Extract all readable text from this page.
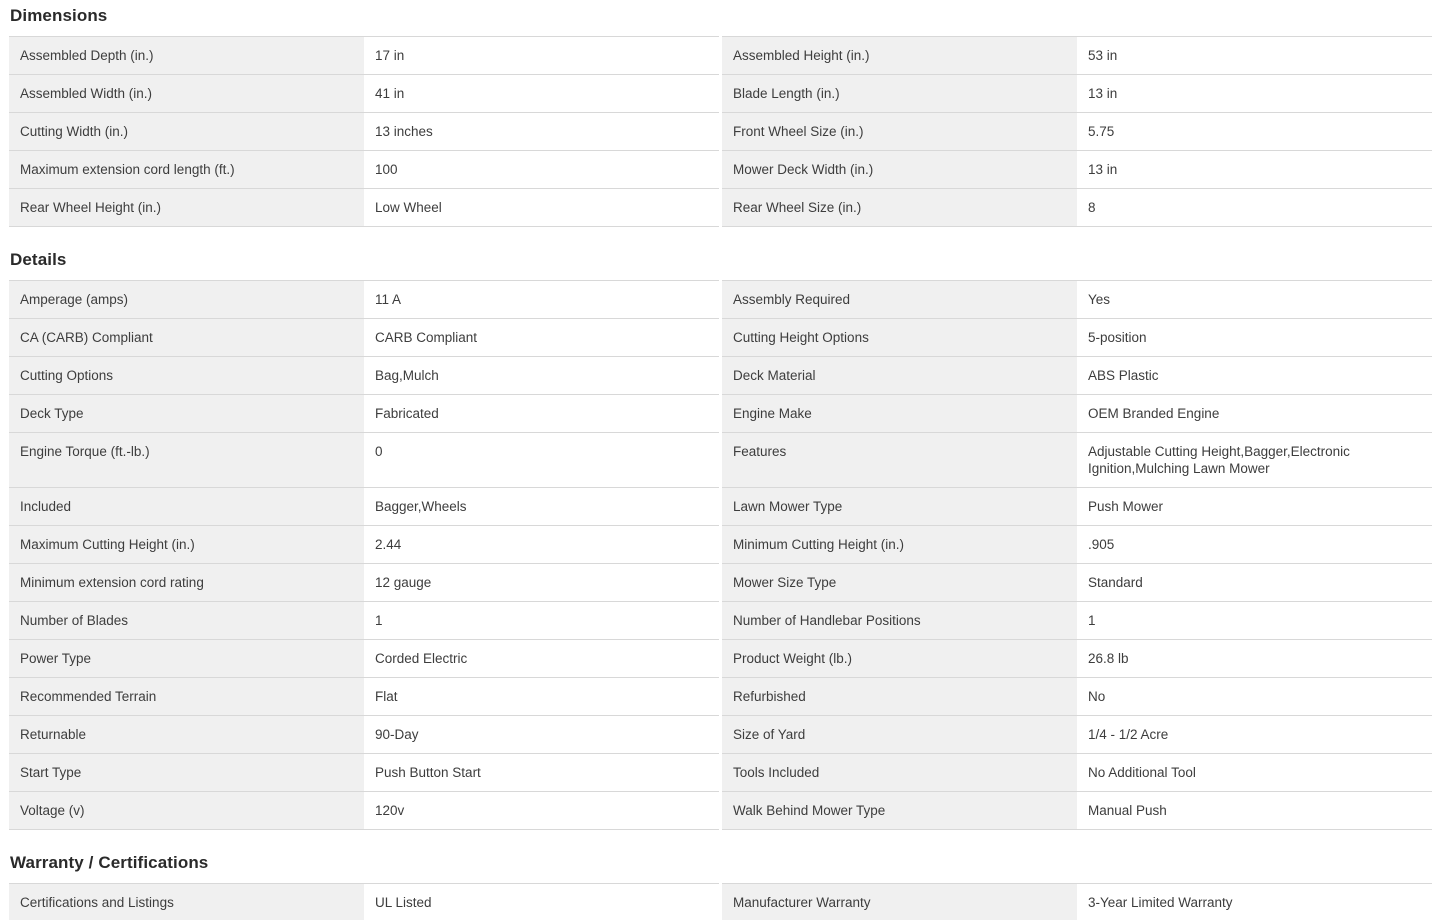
Dimensions
Assembled Depth (in.)	17 in	Assembled Height (in.)	53 in
Assembled Width (in.)	41 in	Blade Length (in.)	13 in
Cutting Width (in.)	13 inches	Front Wheel Size (in.)	5.75
Maximum extension cord length (ft.)	100	Mower Deck Width (in.)	13 in
Rear Wheel Height (in.)	Low Wheel	Rear Wheel Size (in.)	8
Details
Amperage (amps)	11 A	Assembly Required	Yes
CA (CARB) Compliant	CARB Compliant	Cutting Height Options	5-position
Cutting Options	Bag,Mulch	Deck Material	ABS Plastic
Deck Type	Fabricated	Engine Make	OEM Branded Engine
Engine Torque (ft.-lb.)	0	Features	Adjustable Cutting Height,Bagger,Electronic Ignition,Mulching Lawn Mower
Included	Bagger,Wheels	Lawn Mower Type	Push Mower
Maximum Cutting Height (in.)	2.44	Minimum Cutting Height (in.)	.905
Minimum extension cord rating	12 gauge	Mower Size Type	Standard
Number of Blades	1	Number of Handlebar Positions	1
Power Type	Corded Electric	Product Weight (lb.)	26.8 lb
Recommended Terrain	Flat	Refurbished	No
Returnable	90-Day	Size of Yard	1/4 - 1/2 Acre
Start Type	Push Button Start	Tools Included	No Additional Tool
Voltage (v)	120v	Walk Behind Mower Type	Manual Push
Warranty / Certifications
Certifications and Listings	UL Listed	Manufacturer Warranty	3-Year Limited Warranty
